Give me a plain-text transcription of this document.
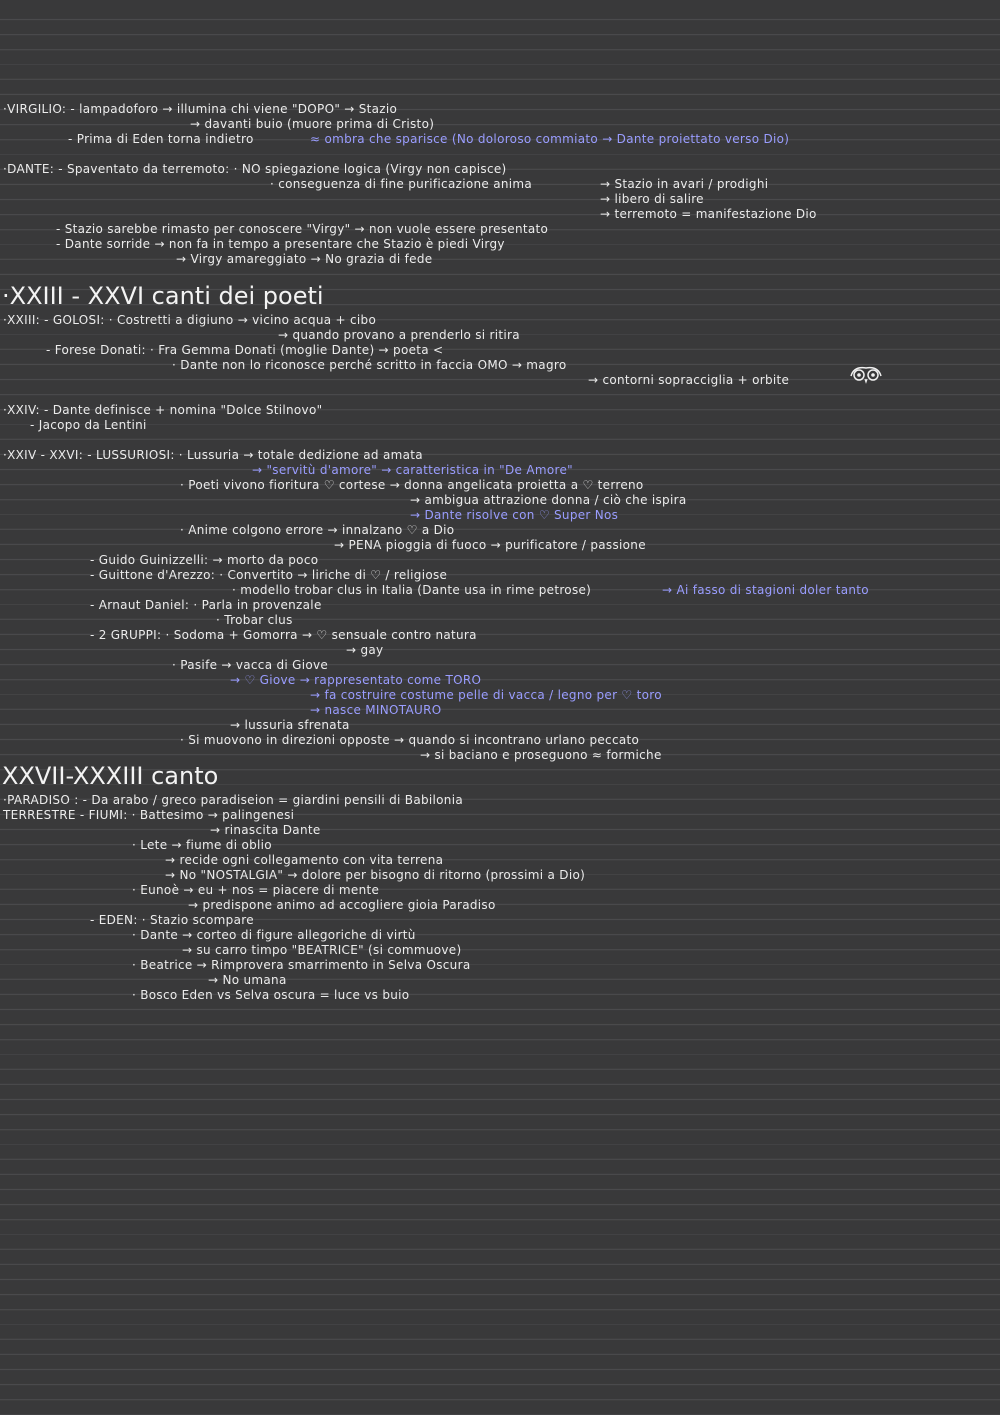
·VIRGILIO: - lampadoforo → illumina chi viene "DOPO" → Stazio
→ davanti buio (muore prima di Cristo)
- Prima di Eden torna indietro	≈ ombra che sparisce (No doloroso commiato → Dante proiettato verso Dio)
·DANTE: - Spaventato da terremoto: · NO spiegazione logica (Virgy non capisce)
· conseguenza di fine purificazione anima	→ Stazio in avari / prodighi
→ libero di salire
→ terremoto = manifestazione Dio
- Stazio sarebbe rimasto per conoscere "Virgy" → non vuole essere presentato
- Dante sorride → non fa in tempo a presentare che Stazio è piedi Virgy
→ Virgy amareggiato → No grazia di fede
·XXIII: - GOLOSI: · Costretti a digiuno → vicino acqua + cibo
→ quando provano a prenderlo si ritira
- Forese Donati: · Fra Gemma Donati (moglie Dante) → poeta <
· Dante non lo riconosce perché scritto in faccia OMO → magro
→ contorni sopracciglia + orbite
·XXIV: - Dante definisce + nomina "Dolce Stilnovo"
- Jacopo da Lentini
·XXIV - XXVI: - LUSSURIOSI: · Lussuria → totale dedizione ad amata
→ "servitù d'amore" → caratteristica in "De Amore"
· Poeti vivono fioritura ♡ cortese → donna angelicata proietta a ♡ terreno
→ ambigua attrazione donna / ciò che ispira
→ Dante risolve con ♡ Super Nos
· Anime colgono errore → innalzano ♡ a Dio
→ PENA pioggia di fuoco → purificatore / passione
- Guido Guinizzelli: → morto da poco
- Guittone d'Arezzo: · Convertito → liriche di ♡ / religiose
· modello trobar clus in Italia (Dante usa in rime petrose)	→ Ai fasso di stagioni doler tanto
- Arnaut Daniel: · Parla in provenzale
· Trobar clus
- 2 GRUPPI: · Sodoma + Gomorra → ♡ sensuale contro natura
→ gay
· Pasife → vacca di Giove
→ ♡ Giove → rappresentato come TORO
→ fa costruire costume pelle di vacca / legno per ♡ toro
→ nasce MINOTAURO
→ lussuria sfrenata
· Si muovono in direzioni opposte → quando si incontrano urlano peccato
→ si baciano e proseguono ≈ formiche
·PARADISO : - Da arabo / greco paradiseion = giardini pensili di Babilonia
TERRESTRE - FIUMI: · Battesimo → palingenesi
→ rinascita Dante
· Lete → fiume di oblio
→ recide ogni collegamento con vita terrena
→ No "NOSTALGIA" → dolore per bisogno di ritorno (prossimi a Dio)
· Eunoè → eu + nos = piacere di mente
→ predispone animo ad accogliere gioia Paradiso
- EDEN: · Stazio scompare
· Dante → corteo di figure allegoriche di virtù
→ su carro timpo "BEATRICE" (si commuove)
· Beatrice → Rimprovera smarrimento in Selva Oscura
→ No umana
· Bosco Eden vs Selva oscura = luce vs buio
·XXIII - XXVI canti dei poeti
XXVII-XXXIII canto
